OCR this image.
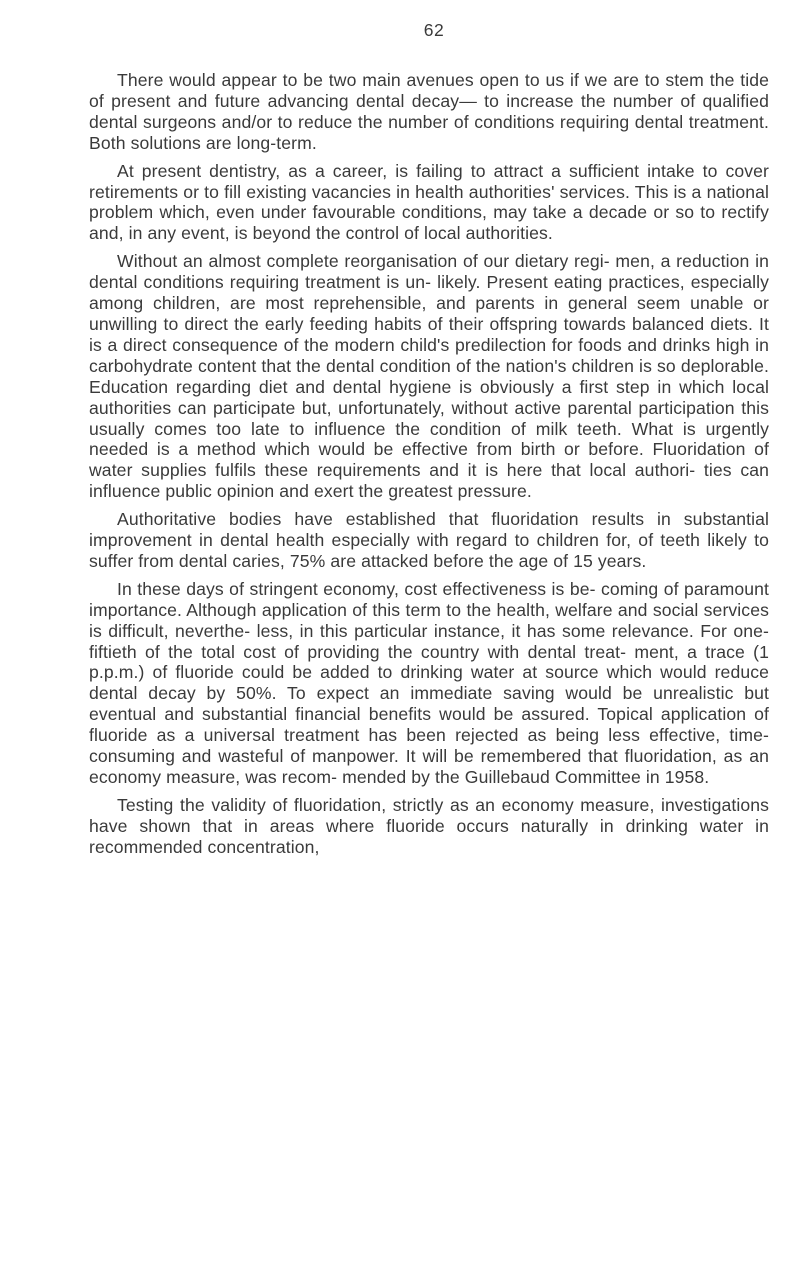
62

There would appear to be two main avenues open to us if we are to stem the tide of present and future advancing dental decay— to increase the number of qualified dental surgeons and/or to reduce the number of conditions requiring dental treatment. Both solutions are long-term.

At present dentistry, as a career, is failing to attract a sufficient intake to cover retirements or to fill existing vacancies in health authorities' services. This is a national problem which, even under favourable conditions, may take a decade or so to rectify and, in any event, is beyond the control of local authorities.

Without an almost complete reorganisation of our dietary regi- men, a reduction in dental conditions requiring treatment is un- likely. Present eating practices, especially among children, are most reprehensible, and parents in general seem unable or unwilling to direct the early feeding habits of their offspring towards balanced diets. It is a direct consequence of the modern child's predilection for foods and drinks high in carbohydrate content that the dental condition of the nation's children is so deplorable. Education regarding diet and dental hygiene is obviously a first step in which local authorities can participate but, unfortunately, without active parental participation this usually comes too late to influence the condition of milk teeth. What is urgently needed is a method which would be effective from birth or before. Fluoridation of water supplies fulfils these requirements and it is here that local authori- ties can influence public opinion and exert the greatest pressure.

Authoritative bodies have established that fluoridation results in substantial improvement in dental health especially with regard to children for, of teeth likely to suffer from dental caries, 75% are attacked before the age of 15 years.

In these days of stringent economy, cost effectiveness is be- coming of paramount importance. Although application of this term to the health, welfare and social services is difficult, neverthe- less, in this particular instance, it has some relevance. For one- fiftieth of the total cost of providing the country with dental treat- ment, a trace (1 p.p.m.) of fluoride could be added to drinking water at source which would reduce dental decay by 50%. To expect an immediate saving would be unrealistic but eventual and substantial financial benefits would be assured. Topical application of fluoride as a universal treatment has been rejected as being less effective, time-consuming and wasteful of manpower. It will be remembered that fluoridation, as an economy measure, was recom- mended by the Guillebaud Committee in 1958.

Testing the validity of fluoridation, strictly as an economy measure, investigations have shown that in areas where fluoride occurs naturally in drinking water in recommended concentration,
